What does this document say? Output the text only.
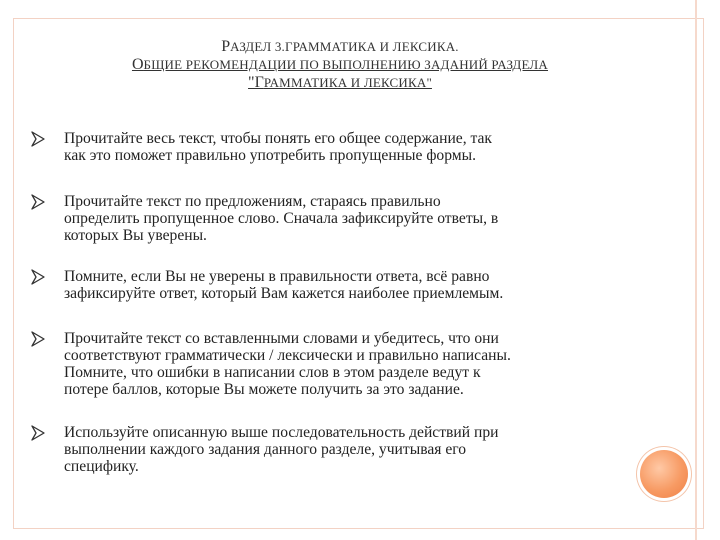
РАЗДЕЛ 3.ГРАММАТИКА И ЛЕКСИКА.
ОБЩИЕ РЕКОМЕНДАЦИИ ПО ВЫПОЛНЕНИЮ ЗАДАНИЙ РАЗДЕЛА
"ГРАММАТИКА И ЛЕКСИКА"
Прочитайте весь текст, чтобы понять его общее содержание, так
как это поможет правильно употребить пропущенные формы.
Прочитайте текст по предложениям, стараясь правильно
определить пропущенное слово. Сначала зафиксируйте ответы, в
которых Вы уверены.
Помните, если Вы не уверены в правильности ответа, всё равно
зафиксируйте ответ, который Вам кажется наиболее приемлемым.
Прочитайте текст со вставленными словами и убедитесь, что они
соответствуют грамматически / лексически и правильно написаны.
Помните, что ошибки в написании слов в этом разделе ведут к
потере баллов, которые Вы можете получить за это задание.
Используйте описанную выше последовательность действий при
выполнении каждого задания данного разделе, учитывая его
специфику.
